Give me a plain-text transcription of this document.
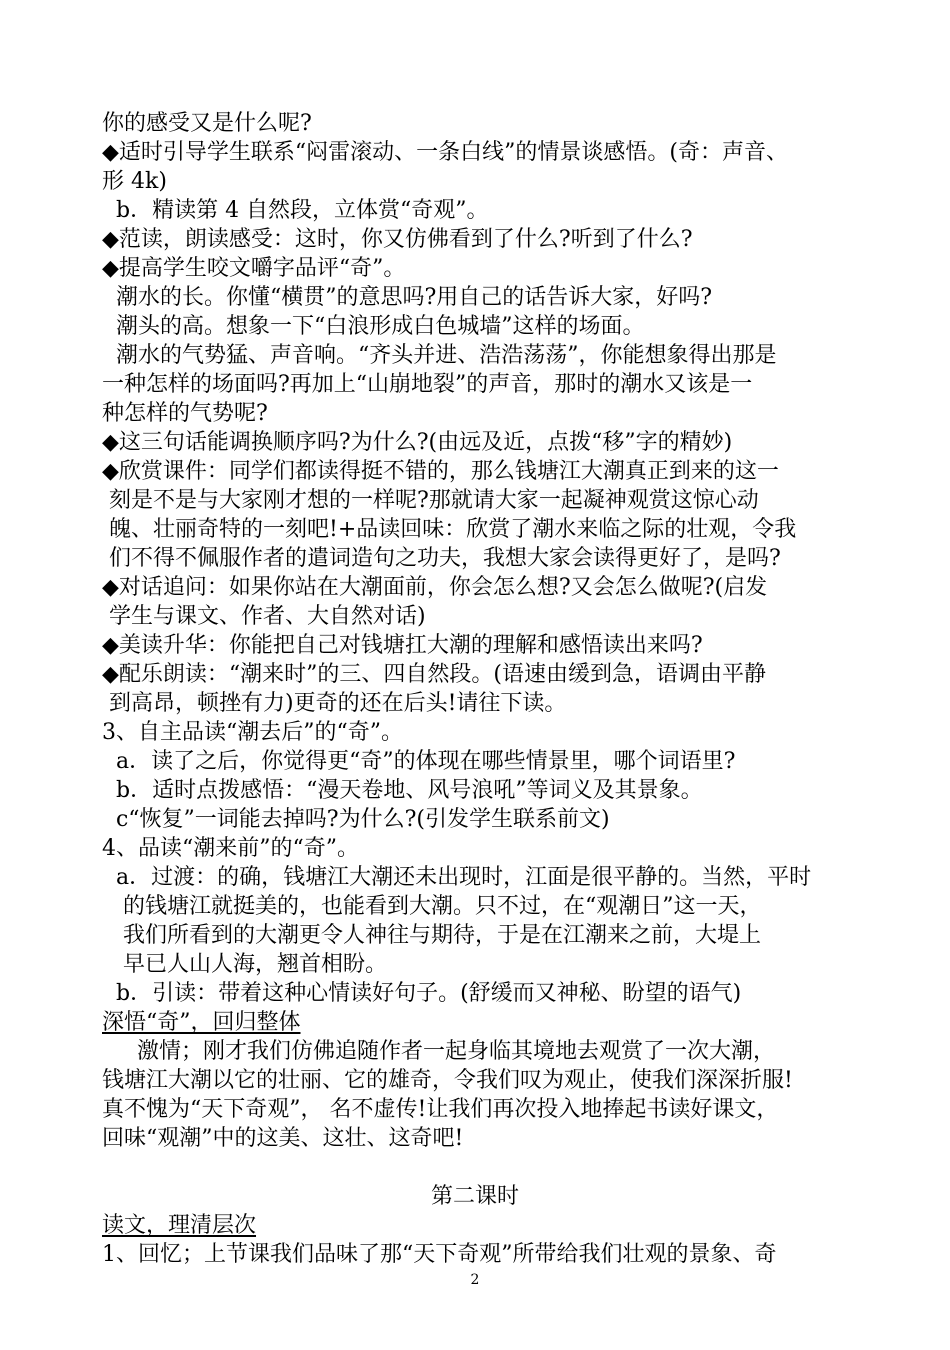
你的感受又是什么呢?
◆适时引导学生联系“闷雷滚动、一条白线”的情景谈感悟。(奇：声音、
形 4k)
b．精读第 4 自然段，立体赏“奇观”。
◆范读，朗读感受：这时，你又仿佛看到了什么?听到了什么?
◆提高学生咬文嚼字品评“奇”。
潮水的长。你懂“横贯”的意思吗?用自己的话告诉大家，好吗?
潮头的高。想象一下“白浪形成白色城墙”这样的场面。
潮水的气势猛、声音响。“齐头并进、浩浩荡荡”，你能想象得出那是
一种怎样的场面吗?再加上“山崩地裂”的声音，那时的潮水又该是一
种怎样的气势呢?
◆这三句话能调换顺序吗?为什么?(由远及近，点拨“移”字的精妙)
◆欣赏课件：同学们都读得挺不错的，那么钱塘江大潮真正到来的这一
刻是不是与大家刚才想的一样呢?那就请大家一起凝神观赏这惊心动
魄、壮丽奇特的一刻吧!+品读回味：欣赏了潮水来临之际的壮观，令我
们不得不佩服作者的遣词造句之功夫，我想大家会读得更好了，是吗?
◆对话追问：如果你站在大潮面前，你会怎么想?又会怎么做呢?(启发
学生与课文、作者、大自然对话)
◆美读升华：你能把自己对钱塘扛大潮的理解和感悟读出来吗?
◆配乐朗读：“潮来时”的三、四自然段。(语速由缓到急，语调由平静
到高昂，顿挫有力)更奇的还在后头!请往下读。
3、自主品读“潮去后”的“奇”。
a．读了之后，你觉得更“奇”的体现在哪些情景里，哪个词语里?
b．适时点拨感悟：“漫天卷地、风号浪吼”等词义及其景象。
c“恢复”一词能去掉吗?为什么?(引发学生联系前文)
4、品读“潮来前”的“奇”。
a．过渡：的确，钱塘江大潮还未出现时，江面是很平静的。当然，平时
的钱塘江就挺美的，也能看到大潮。只不过，在“观潮日”这一天，
我们所看到的大潮更令人神往与期待，于是在江潮来之前，大堤上
早已人山人海，翘首相盼。
b．引读：带着这种心情读好句子。(舒缓而又神秘、盼望的语气)
深悟“奇”，回归整体
激情；刚才我们仿佛追随作者一起身临其境地去观赏了一次大潮，
钱塘江大潮以它的壮丽、它的雄奇，令我们叹为观止，使我们深深折服!
真不愧为“天下奇观”， 名不虚传!让我们再次投入地捧起书读好课文，
回味“观潮”中的这美、这壮、这奇吧!
第二课时
读文，理清层次
1、回忆；上节课我们品味了那“天下奇观”所带给我们壮观的景象、奇
2
